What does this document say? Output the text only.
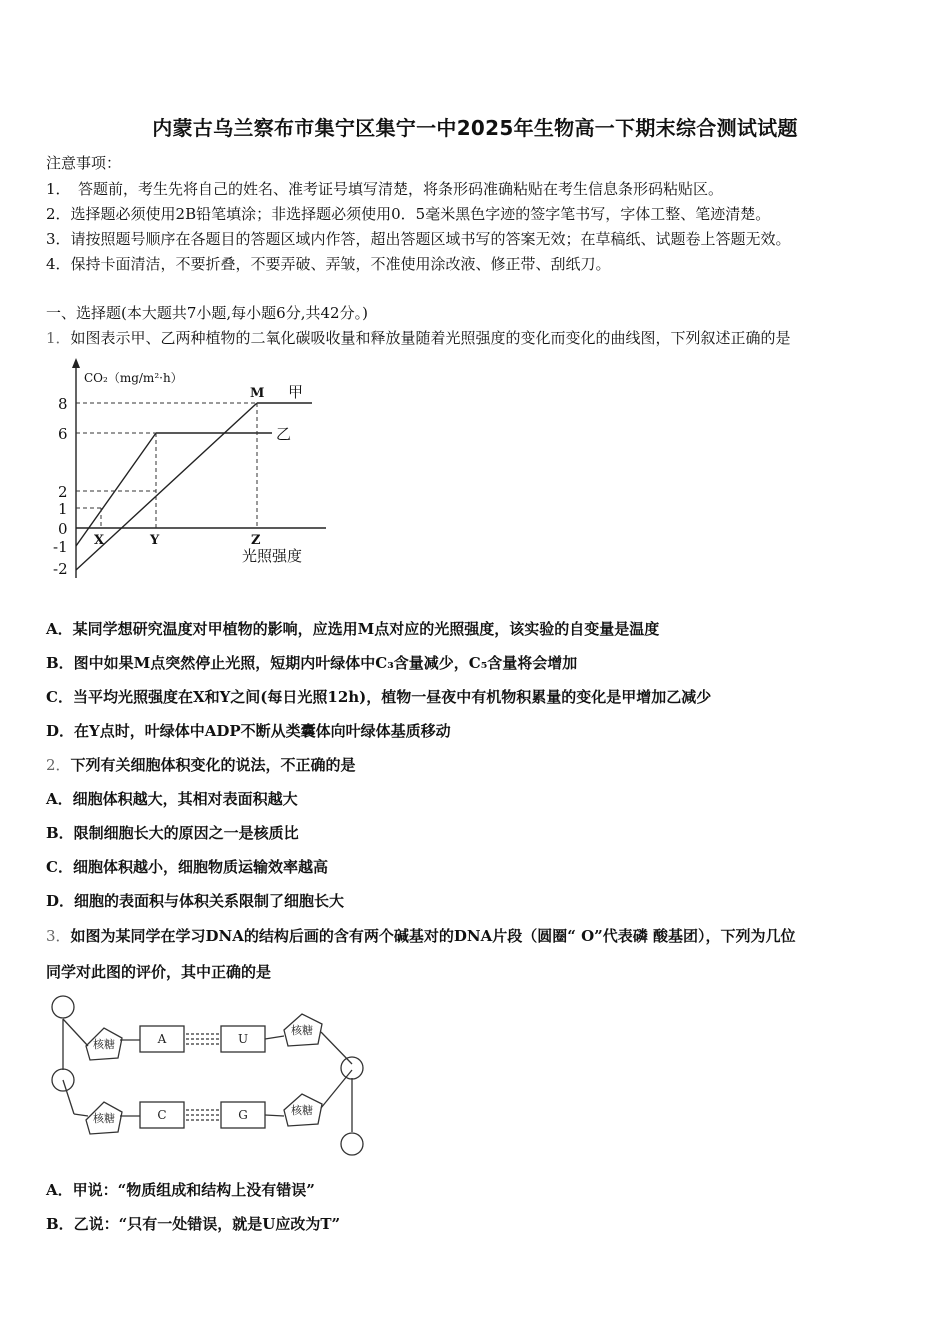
内蒙古乌兰察布市集宁区集宁一中2025年生物高一下期末综合测试试题
注意事项：
1．　答题前，考生先将自己的姓名、准考证号填写清楚，将条形码准确粘贴在考生信息条形码粘贴区。
2．选择题必须使用2B铅笔填涂；非选择题必须使用0．5毫米黑色字迹的签字笔书写，字体工整、笔迹清楚。
3．请按照题号顺序在各题目的答题区域内作答，超出答题区域书写的答案无效；在草稿纸、试题卷上答题无效。
4．保持卡面清洁，不要折叠，不要弄破、弄皱，不准使用涂改液、修正带、刮纸刀。
一、选择题(本大题共7小题,每小题6分,共42分。)
1．如图表示甲、乙两种植物的二氧化碳吸收量和释放量随着光照强度的变化而变化的曲线图，下列叙述正确的是
CO₂（mg/m²·h）
8
6
2
1
0
-1
-2
X	Y	Z
M 甲
乙
光照强度
A．某同学想研究温度对甲植物的影响，应选用M点对应的光照强度，该实验的自变量是温度
B．图中如果M点突然停止光照，短期内叶绿体中C₃含量减少，C₅含量将会增加
C．当平均光照强度在X和Y之间(每日光照12h)，植物一昼夜中有机物积累量的变化是甲增加乙减少
D．在Y点时，叶绿体中ADP不断从类囊体向叶绿体基质移动
2．下列有关细胞体积变化的说法，不正确的是
A．细胞体积越大，其相对表面积越大
B．限制细胞长大的原因之一是核质比
C．细胞体积越小，细胞物质运输效率越高
D．细胞的表面积与体积关系限制了细胞长大
3．如图为某同学在学习DNA的结构后画的含有两个碱基对的DNA片段（圆圈“ O”代表磷 酸基团），下列为几位
同学对此图的评价，其中正确的是
核糖
核糖
核糖
核糖
A	U
C	G
A．甲说：“物质组成和结构上没有错误”
B．乙说：“只有一处错误，就是U应改为T”
